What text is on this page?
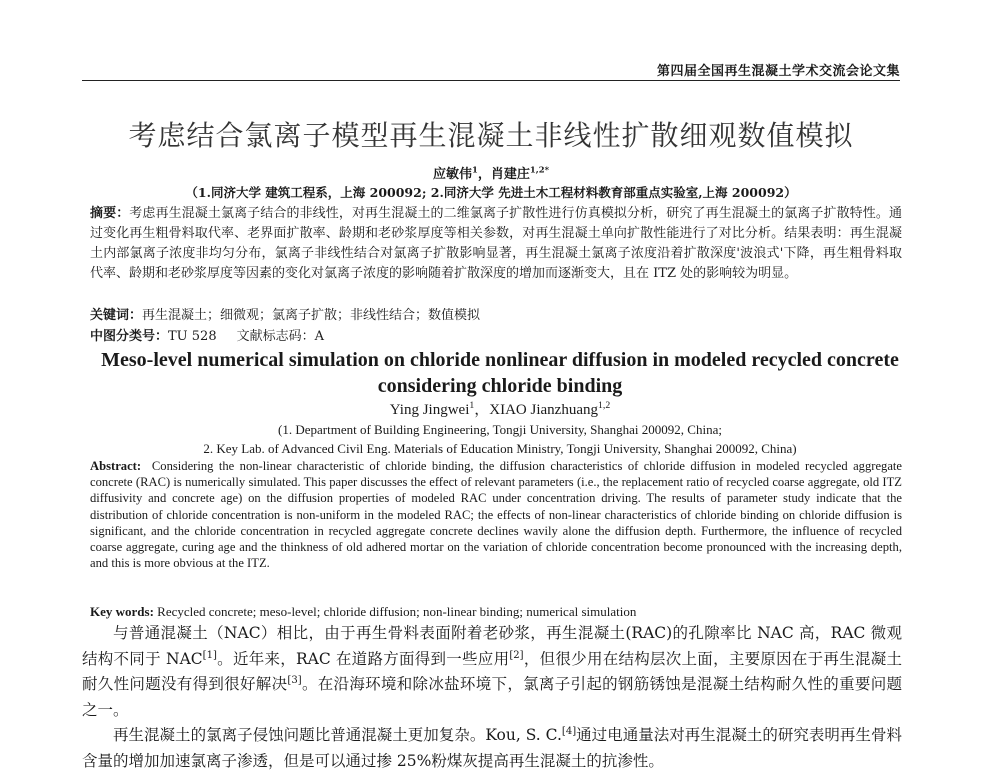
第四届全国再生混凝土学术交流会论文集
考虑结合氯离子模型再生混凝土非线性扩散细观数值模拟
应敏伟$^1$，肖建庄$^{1,2*}$
（1.同济大学 建筑工程系，上海 200092; 2.同济大学 先进土木工程材料教育部重点实验室,上海 200092）
摘要：考虑再生混凝土氯离子结合的非线性，对再生混凝土的二维氯离子扩散性进行仿真模拟分析，研究了再生混凝土的氯离子扩散特性。通过变化再生粗骨料取代率、老界面扩散率、龄期和老砂浆厚度等相关参数，对再生混凝土单向扩散性能进行了对比分析。结果表明：再生混凝土内部氯离子浓度非均匀分布，氯离子非线性结合对氯离子扩散影响显著，再生混凝土氯离子浓度沿着扩散深度'波浪式'下降，再生粗骨料取代率、龄期和老砂浆厚度等因素的变化对氯离子浓度的影响随着扩散深度的增加而逐渐变大，且在 ITZ 处的影响较为明显。
关键词：再生混凝土；细微观；氯离子扩散；非线性结合；数值模拟
中图分类号：TU 528 文献标志码：A
Meso-level numerical simulation on chloride nonlinear diffusion in modeled recycled concrete considering chloride binding
Ying Jingwei$^1$，XIAO Jianzhuang$^{1,2}$
(1. Department of Building Engineering, Tongji University, Shanghai 200092, China;
2. Key Lab. of Advanced Civil Eng. Materials of Education Ministry, Tongji University, Shanghai 200092, China)
Abstract: Considering the non-linear characteristic of chloride binding, the diffusion characteristics of chloride diffusion in modeled recycled aggregate concrete (RAC) is numerically simulated. This paper discusses the effect of relevant parameters (i.e., the replacement ratio of recycled coarse aggregate, old ITZ diffusivity and concrete age) on the diffusion properties of modeled RAC under concentration driving. The results of parameter study indicate that the distribution of chloride concentration is non-uniform in the modeled RAC; the effects of non-linear characteristics of chloride binding on chloride diffusion is significant, and the chloride concentration in recycled aggregate concrete declines wavily alone the diffusion depth. Furthermore, the influence of recycled coarse aggregate, curing age and the thinkness of old adhered mortar on the variation of chloride concentration become pronounced with the increasing depth, and this is more obvious at the ITZ.
Key words: Recycled concrete; meso-level; chloride diffusion; non-linear binding; numerical simulation

与普通混凝土（NAC）相比，由于再生骨料表面附着老砂浆，再生混凝土(RAC)的孔隙率比 NAC 高，RAC 微观结构不同于 NAC[1]。近年来，RAC 在道路方面得到一些应用[2]，但很少用在结构层次上面，主要原因在于再生混凝土耐久性问题没有得到很好解决[3]。在沿海环境和除冰盐环境下，氯离子引起的钢筋锈蚀是混凝土结构耐久性的重要问题之一。

再生混凝土的氯离子侵蚀问题比普通混凝土更加复杂。Kou, S. C.[4]通过电通量法对再生混凝土的研究表明再生骨料含量的增加加速氯离子渗透，但是可以通过掺 25%粉煤灰提高再生混凝土的抗渗性。
